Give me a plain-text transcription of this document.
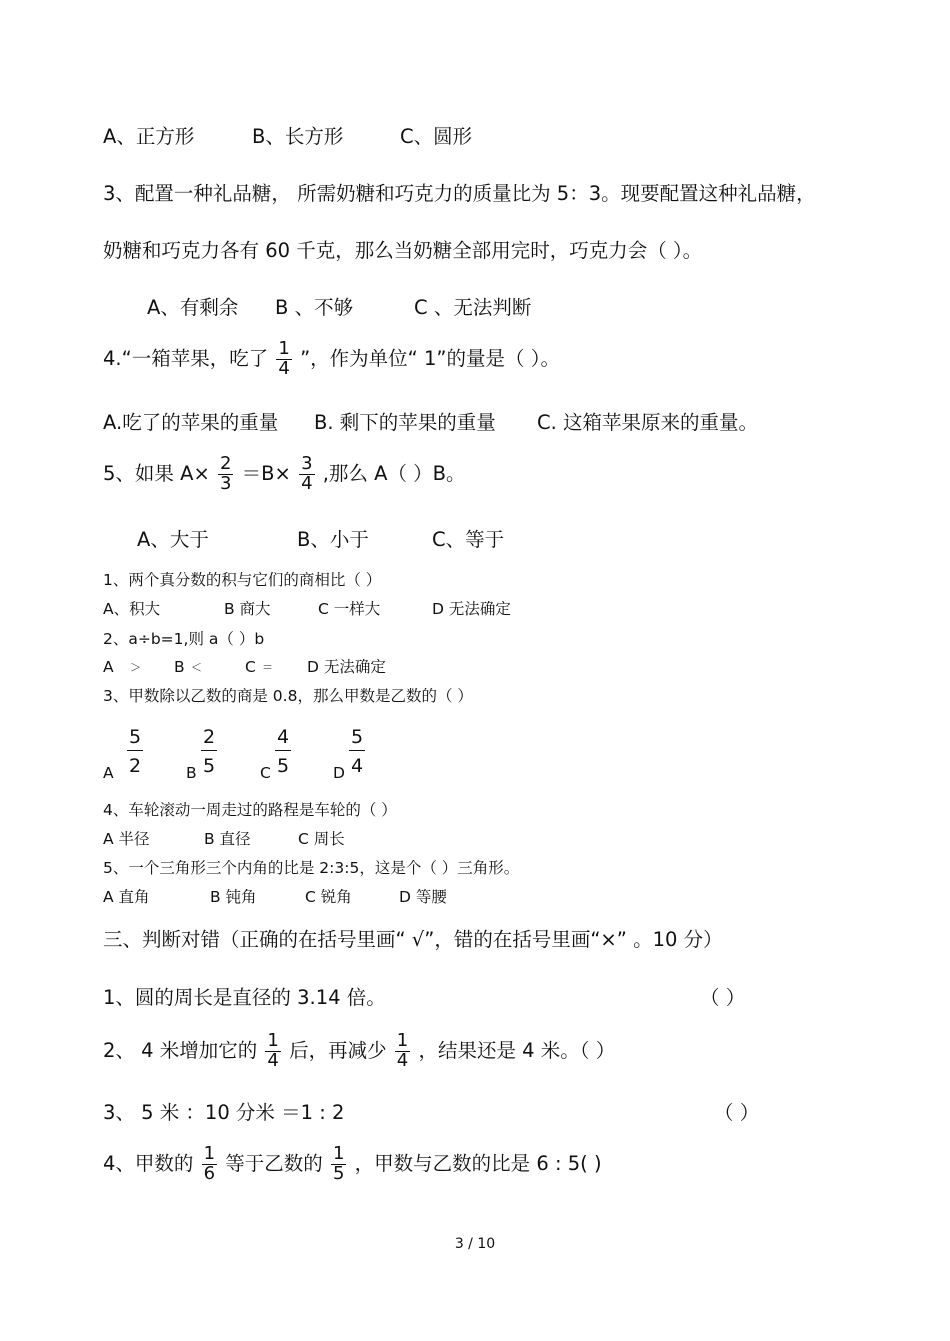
A、正方形	B、长方形	C、圆形
3、配置一种礼品糖， 所需奶糖和巧克力的质量比为 5：3。现要配置这种礼品糖，
奶糖和巧克力各有 60 千克，那么当奶糖全部用完时，巧克力会（ ）。
A、有剩余 B 、不够	C 、无法判断
4.“一箱苹果，吃了 $\frac{1}{4}$ ”，作为单位“ 1”的量是（ ）。
A.吃了的苹果的重量 B. 剩下的苹果的重量 C. 这箱苹果原来的重量。
5、如果 $A\times \frac{2}{3} =B\times \frac{3}{4}$ ,那么 A（ ）B。
A、大于	B、小于	C、等于
1、两个真分数的积与它们的商相比（ ）
A、积大	B 商大	C 一样大	D 无法确定
2、a÷b=1,则 a（ ）b
A ＞ B ＜	C ＝ D 无法确定
3、甲数除以乙数的商是 0.8，那么甲数是乙数的（ ）
A $\frac{5}{2}$	B $\frac{2}{5}$	C $\frac{4}{5}$	D $\frac{5}{4}$
4、车轮滚动一周走过的路程是车轮的（ ）
A 半径	B 直径	C 周长
5、一个三角形三个内角的比是 2:3:5，这是个（ ）三角形。
A 直角	B 钝角	C 锐角	D 等腰
三、判断对错（正确的在括号里画“ √”，错的在括号里画“×” 。10 分）
1、圆的周长是直径的 3.14 倍。	（ ）
2、 4 米增加它的 $\frac{1}{4}$ 后，再减少 $\frac{1}{4}$ ，结果还是 4 米。（ ）
3、 5 米 ：10 分米 ＝1 : 2	（ ）
4、甲数的 $\frac{1}{6}$ 等于乙数的 $\frac{1}{5}$ ，甲数与乙数的比是 6 : 5( )
3 / 10
